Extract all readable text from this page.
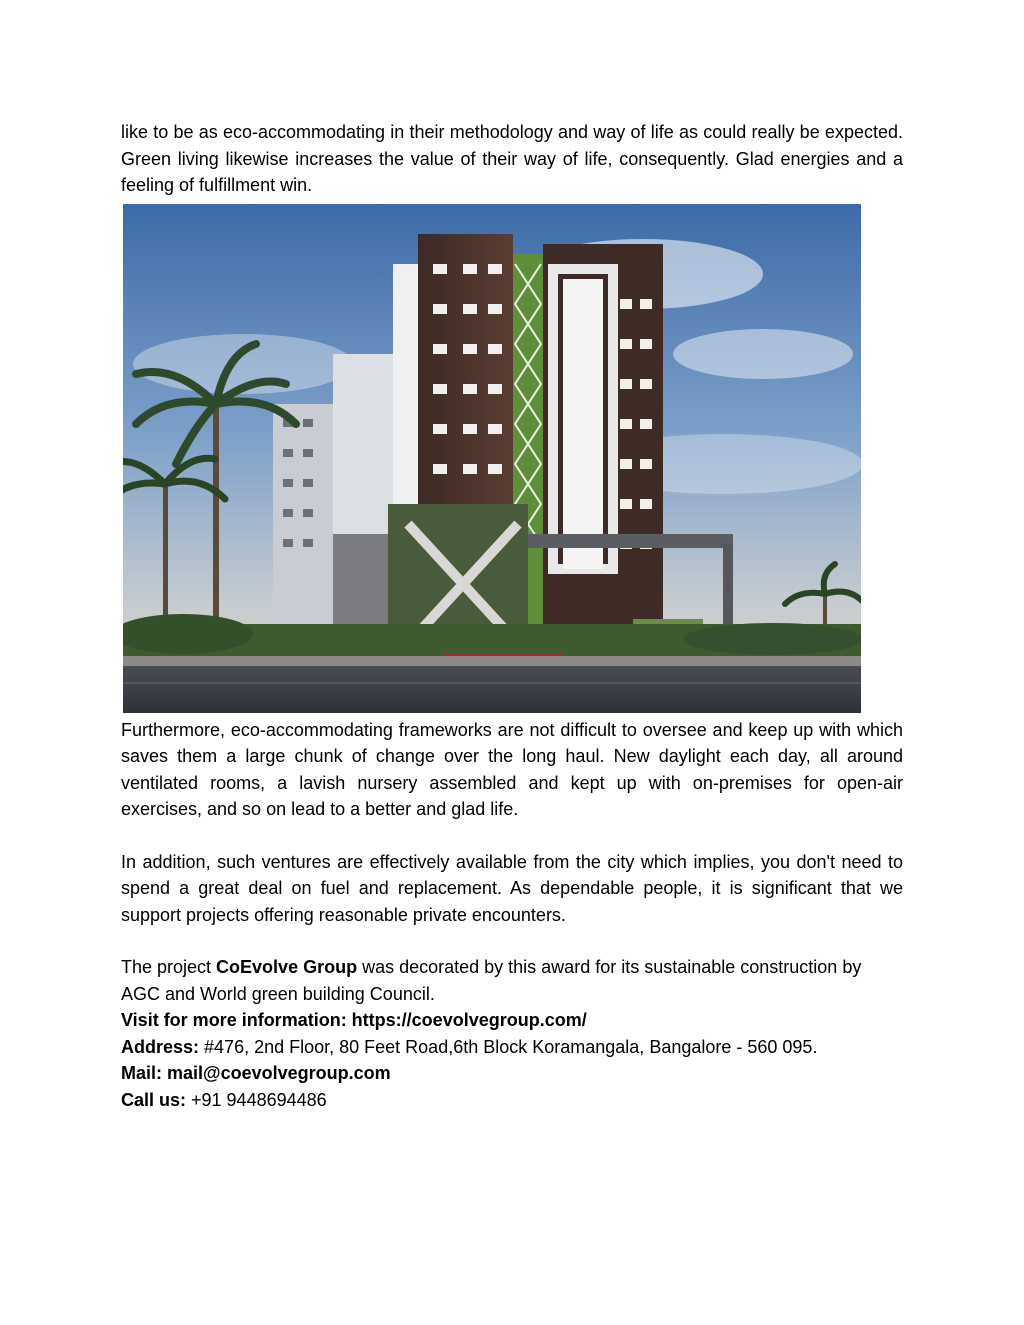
like to be as eco-accommodating in their methodology and way of life as could really be expected. Green living likewise increases the value of their way of life, consequently. Glad energies and a feeling of fulfillment win.

Furthermore, eco-accommodating frameworks are not difficult to oversee and keep up with which saves them a large chunk of change over the long haul. New daylight each day, all around ventilated rooms, a lavish nursery assembled and kept up with on-premises for open-air exercises, and so on lead to a better and glad life.

In addition, such ventures are effectively available from the city which implies, you don't need to spend a great deal on fuel and replacement. As dependable people, it is significant that we support projects offering reasonable private encounters.

The project CoEvolve Group was decorated by this award for its sustainable construction by AGC and World green building Council.

Visit for more information: https://coevolvegroup.com/

Address: #476, 2nd Floor, 80 Feet Road,6th Block Koramangala, Bangalore - 560 095.

Mail: mail@coevolvegroup.com

Call us: +91 9448694486
